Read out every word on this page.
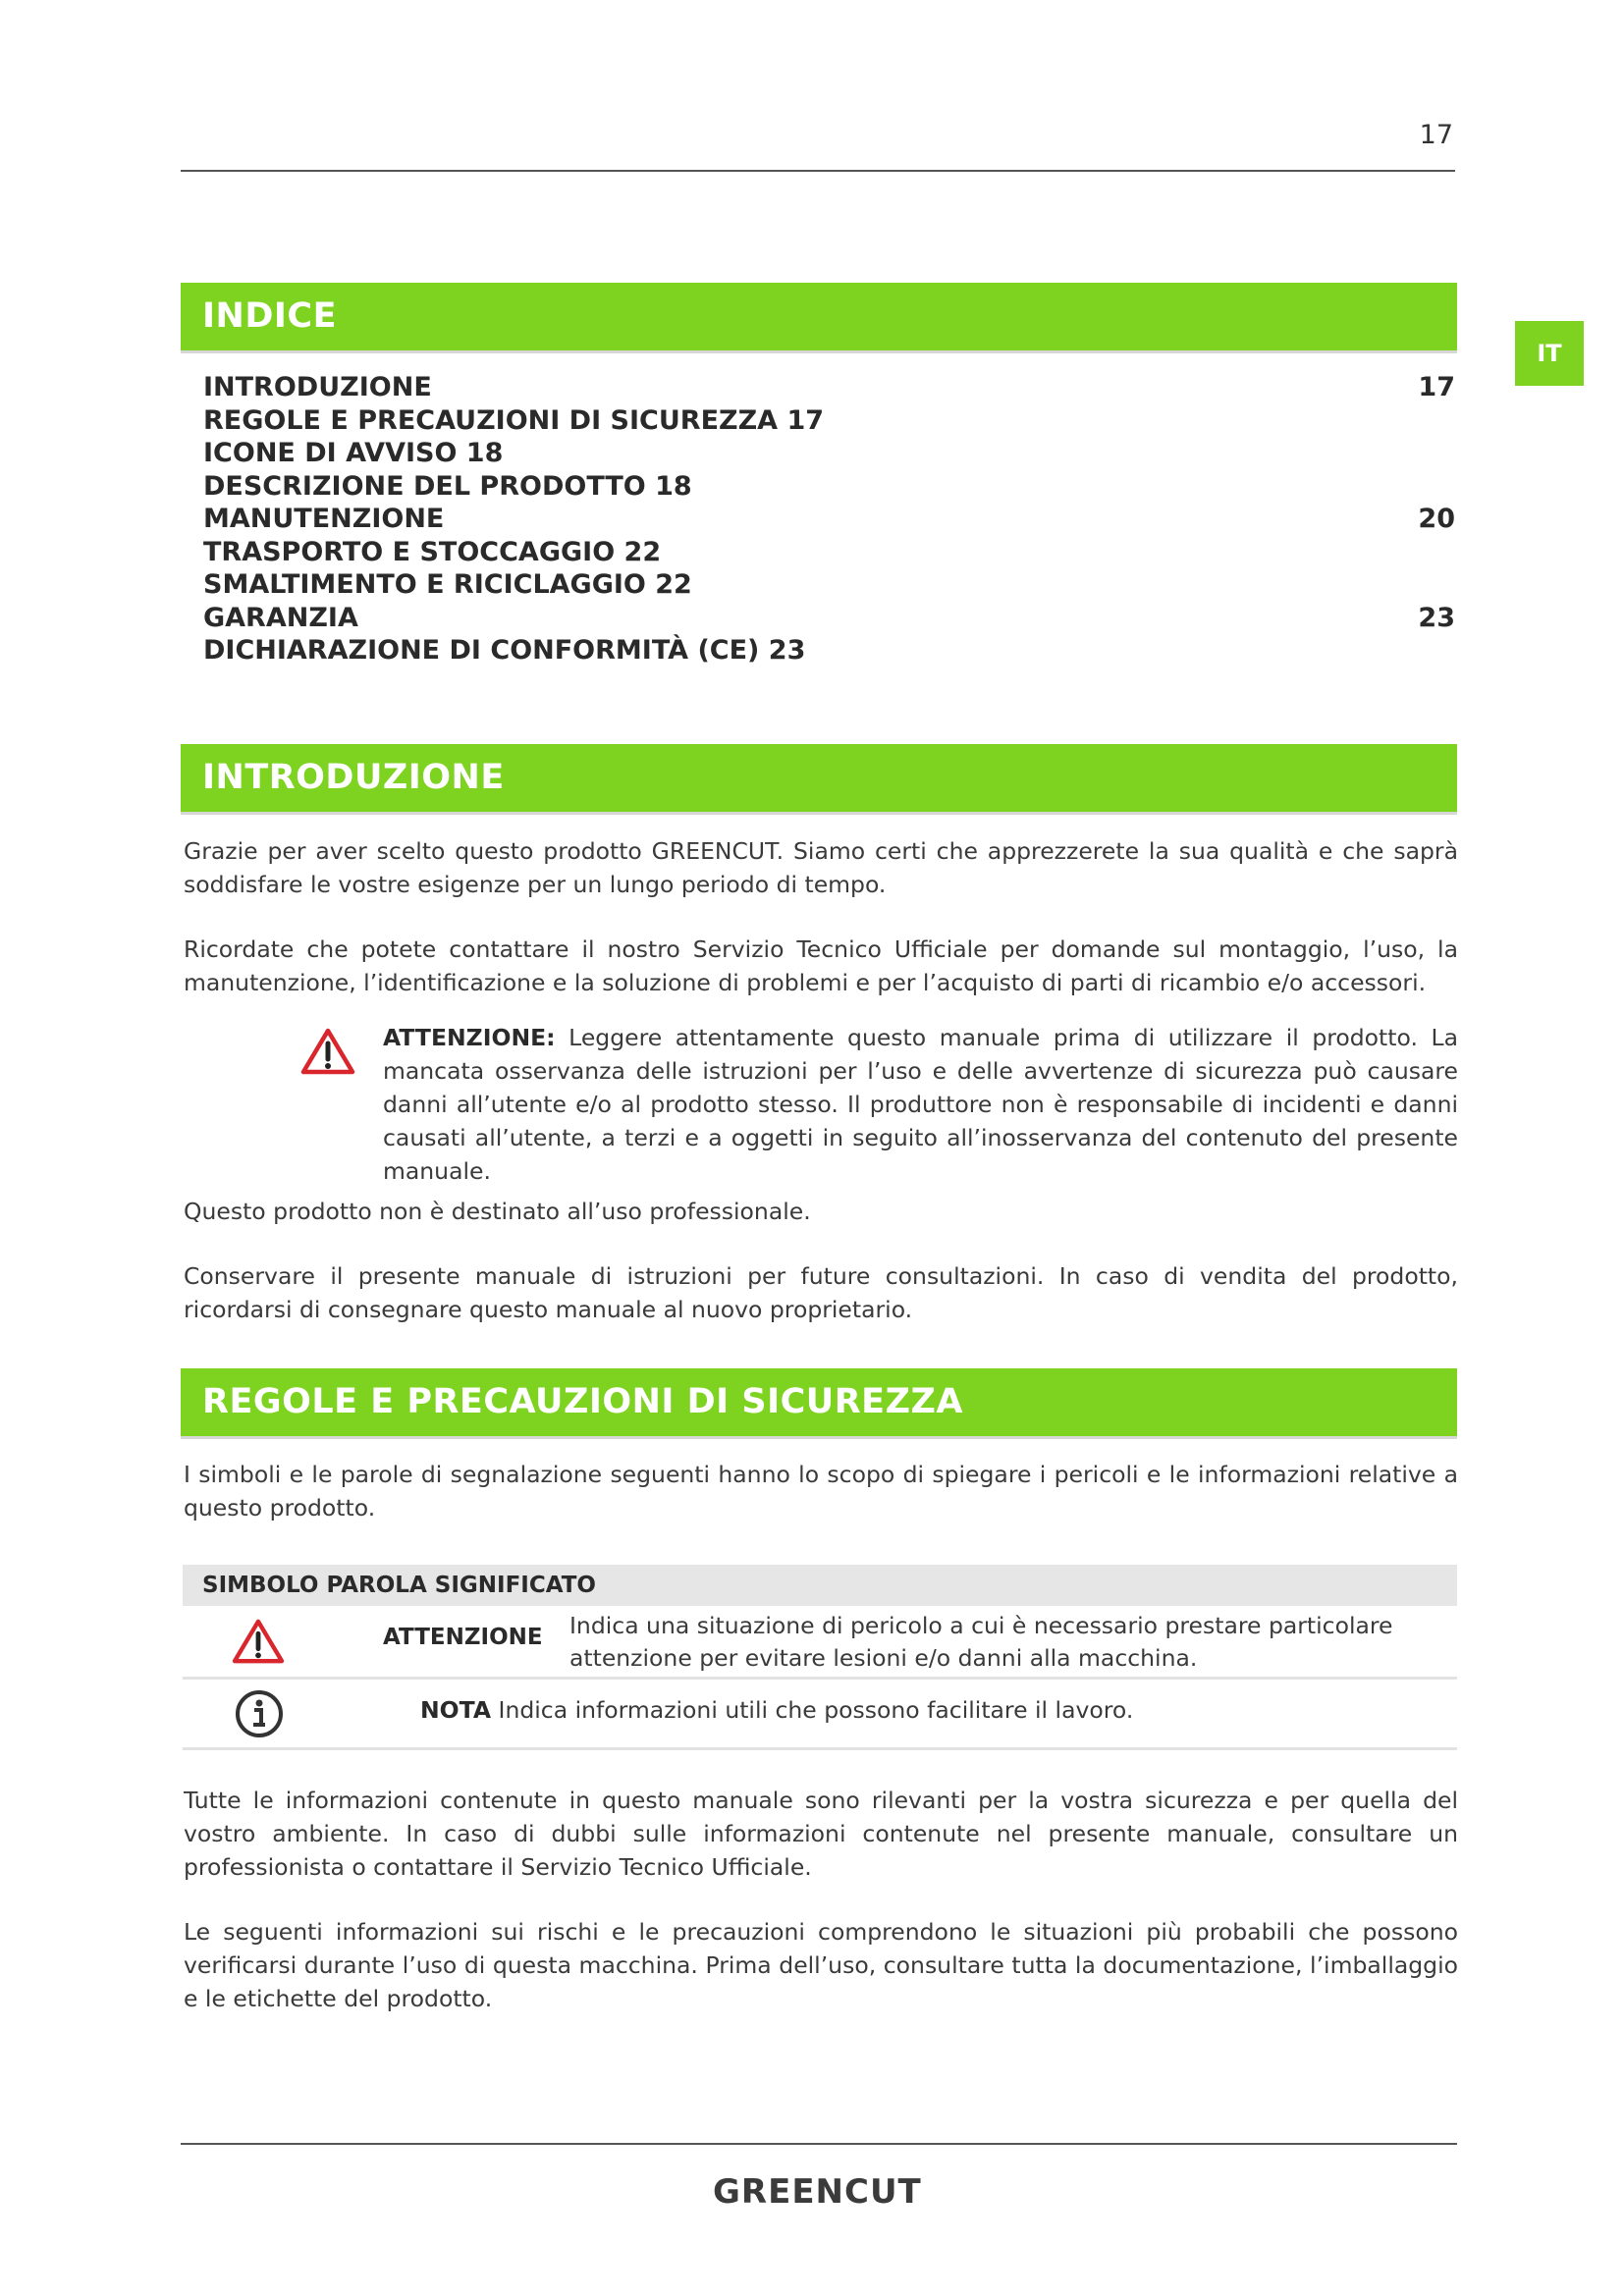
17
IT
INDICE
INTRODUZIONE	17
REGOLE E PRECAUZIONI DI SICUREZZA 17
ICONE DI AVVISO 18
DESCRIZIONE DEL PRODOTTO 18
MANUTENZIONE	20
TRASPORTO E STOCCAGGIO 22
SMALTIMENTO E RICICLAGGIO 22
GARANZIA	23
DICHIARAZIONE DI CONFORMITÀ (CE) 23
INTRODUZIONE
Grazie per aver scelto questo prodotto GREENCUT. Siamo certi che apprezzerete la sua qualità e che saprà soddisfare le vostre esigenze per un lungo periodo di tempo.
Ricordate che potete contattare il nostro Servizio Tecnico Ufficiale per domande sul montaggio, l’uso, la manutenzione, l’identificazione e la soluzione di problemi e per l’acquisto di parti di ricambio e/o accessori.
ATTENZIONE: Leggere attentamente questo manuale prima di utilizzare il prodotto. La mancata osservanza delle istruzioni per l’uso e delle avvertenze di sicurezza può causare danni all’utente e/o al prodotto stesso. Il produttore non è responsabile di incidenti e danni causati all’utente, a terzi e a oggetti in seguito all’inosservanza del contenuto del presente manuale.
Questo prodotto non è destinato all’uso professionale.
Conservare il presente manuale di istruzioni per future consultazioni. In caso di vendita del prodotto, ricordarsi di consegnare questo manuale al nuovo proprietario.
REGOLE E PRECAUZIONI DI SICUREZZA
I simboli e le parole di segnalazione seguenti hanno lo scopo di spiegare i pericoli e le informazioni relative a questo prodotto.
SIMBOLO PAROLA SIGNIFICATO
ATTENZIONE Indica una situazione di pericolo a cui è necessario prestare particolare attenzione per evitare lesioni e/o danni alla macchina.
NOTA Indica informazioni utili che possono facilitare il lavoro.
Tutte le informazioni contenute in questo manuale sono rilevanti per la vostra sicurezza e per quella del vostro ambiente. In caso di dubbi sulle informazioni contenute nel presente manuale, consultare un professionista o contattare il Servizio Tecnico Ufficiale.
Le seguenti informazioni sui rischi e le precauzioni comprendono le situazioni più probabili che possono verificarsi durante l’uso di questa macchina. Prima dell’uso, consultare tutta la documentazione, l’imballaggio e le etichette del prodotto.
GREENCUT
